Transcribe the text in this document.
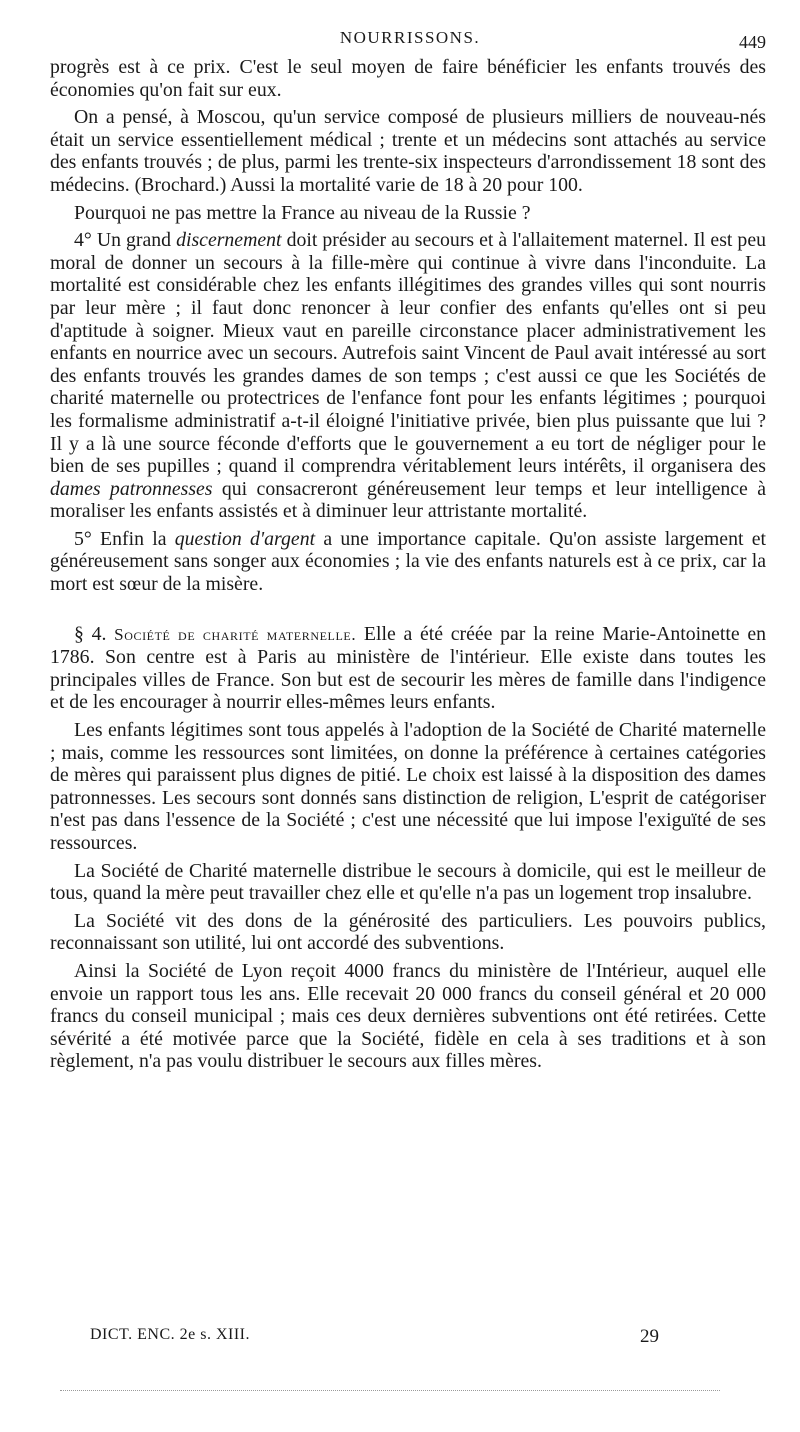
NOURRISSONS.	449

progrès est à ce prix. C'est le seul moyen de faire bénéficier les enfants trouvés des économies qu'on fait sur eux.

On a pensé, à Moscou, qu'un service composé de plusieurs milliers de nouveau-nés était un service essentiellement médical ; trente et un médecins sont attachés au service des enfants trouvés ; de plus, parmi les trente-six inspecteurs d'arrondissement 18 sont des médecins. (Brochard.) Aussi la mortalité varie de 18 à 20 pour 100.

Pourquoi ne pas mettre la France au niveau de la Russie ?

4° Un grand discernement doit présider au secours et à l'allaitement maternel. Il est peu moral de donner un secours à la fille-mère qui continue à vivre dans l'inconduite. La mortalité est considérable chez les enfants illégitimes des grandes villes qui sont nourris par leur mère ; il faut donc renoncer à leur confier des enfants qu'elles ont si peu d'aptitude à soigner. Mieux vaut en pareille circonstance placer administrativement les enfants en nourrice avec un secours. Autrefois saint Vincent de Paul avait intéressé au sort des enfants trouvés les grandes dames de son temps ; c'est aussi ce que les Sociétés de charité maternelle ou protectrices de l'enfance font pour les enfants légitimes ; pourquoi les formalisme administratif a-t-il éloigné l'initiative privée, bien plus puissante que lui ? Il y a là une source féconde d'efforts que le gouvernement a eu tort de négliger pour le bien de ses pupilles ; quand il comprendra véritablement leurs intérêts, il organisera des dames patronnesses qui consacreront généreusement leur temps et leur intelligence à moraliser les enfants assistés et à diminuer leur attristante mortalité.

5° Enfin la question d'argent a une importance capitale. Qu'on assiste largement et généreusement sans songer aux économies ; la vie des enfants naturels est à ce prix, car la mort est sœur de la misère.

§ 4. Société de charité maternelle. Elle a été créée par la reine Marie-Antoinette en 1786. Son centre est à Paris au ministère de l'intérieur. Elle existe dans toutes les principales villes de France. Son but est de secourir les mères de famille dans l'indigence et de les encourager à nourrir elles-mêmes leurs enfants.

Les enfants légitimes sont tous appelés à l'adoption de la Société de Charité maternelle ; mais, comme les ressources sont limitées, on donne la préférence à certaines catégories de mères qui paraissent plus dignes de pitié. Le choix est laissé à la disposition des dames patronnesses. Les secours sont donnés sans distinction de religion, L'esprit de catégoriser n'est pas dans l'essence de la Société ; c'est une nécessité que lui impose l'exiguïté de ses ressources.

La Société de Charité maternelle distribue le secours à domicile, qui est le meilleur de tous, quand la mère peut travailler chez elle et qu'elle n'a pas un logement trop insalubre.

La Société vit des dons de la générosité des particuliers. Les pouvoirs publics, reconnaissant son utilité, lui ont accordé des subventions.

Ainsi la Société de Lyon reçoit 4000 francs du ministère de l'Intérieur, auquel elle envoie un rapport tous les ans. Elle recevait 20 000 francs du conseil général et 20 000 francs du conseil municipal ; mais ces deux dernières subventions ont été retirées. Cette sévérité a été motivée parce que la Société, fidèle en cela à ses traditions et à son règlement, n'a pas voulu distribuer le secours aux filles mères.

DICT. ENC. 2e s. XIII.	29
